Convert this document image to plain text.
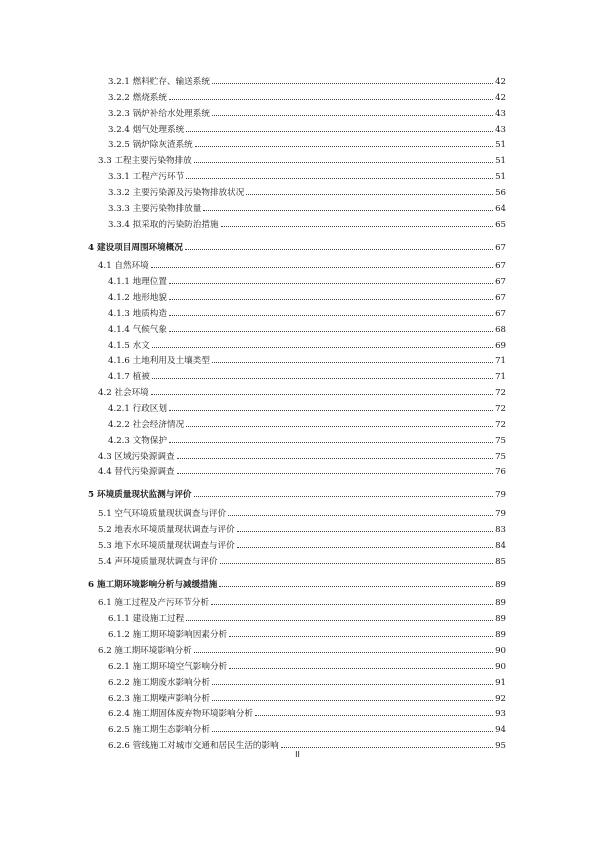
3.2.1 燃料贮存、输送系统	42
3.2.2 燃烧系统	42
3.2.3 锅炉补给水处理系统	43
3.2.4 烟气处理系统	43
3.2.5 锅炉除灰渣系统	51
3.3 工程主要污染物排放	51
3.3.1 工程产污环节	51
3.3.2 主要污染源及污染物排放状况	56
3.3.3 主要污染物排放量	64
3.3.4 拟采取的污染防治措施	65
4 建设项目周围环境概况	67
4.1 自然环境	67
4.1.1 地理位置	67
4.1.2 地形地貌	67
4.1.3 地质构造	67
4.1.4 气候气象	68
4.1.5 水文	69
4.1.6 土地利用及土壤类型	71
4.1.7 植被	71
4.2 社会环境	72
4.2.1 行政区划	72
4.2.2 社会经济情况	72
4.2.3 文物保护	75
4.3 区域污染源调查	75
4.4 替代污染源调查	76
5 环境质量现状监测与评价	79
5.1 空气环境质量现状调查与评价	79
5.2 地表水环境质量现状调查与评价	83
5.3 地下水环境质量现状调查与评价	84
5.4 声环境质量现状调查与评价	85
6 施工期环境影响分析与减缓措施	89
6.1 施工过程及产污环节分析	89
6.1.1 建设施工过程	89
6.1.2 施工期环境影响因素分析	89
6.2 施工期环境影响分析	90
6.2.1 施工期环境空气影响分析	90
6.2.2 施工期废水影响分析	91
6.2.3 施工期噪声影响分析	92
6.2.4 施工期固体废弃物环境影响分析	93
6.2.5 施工期生态影响分析	94
6.2.6 管线施工对城市交通和居民生活的影响	95
II
